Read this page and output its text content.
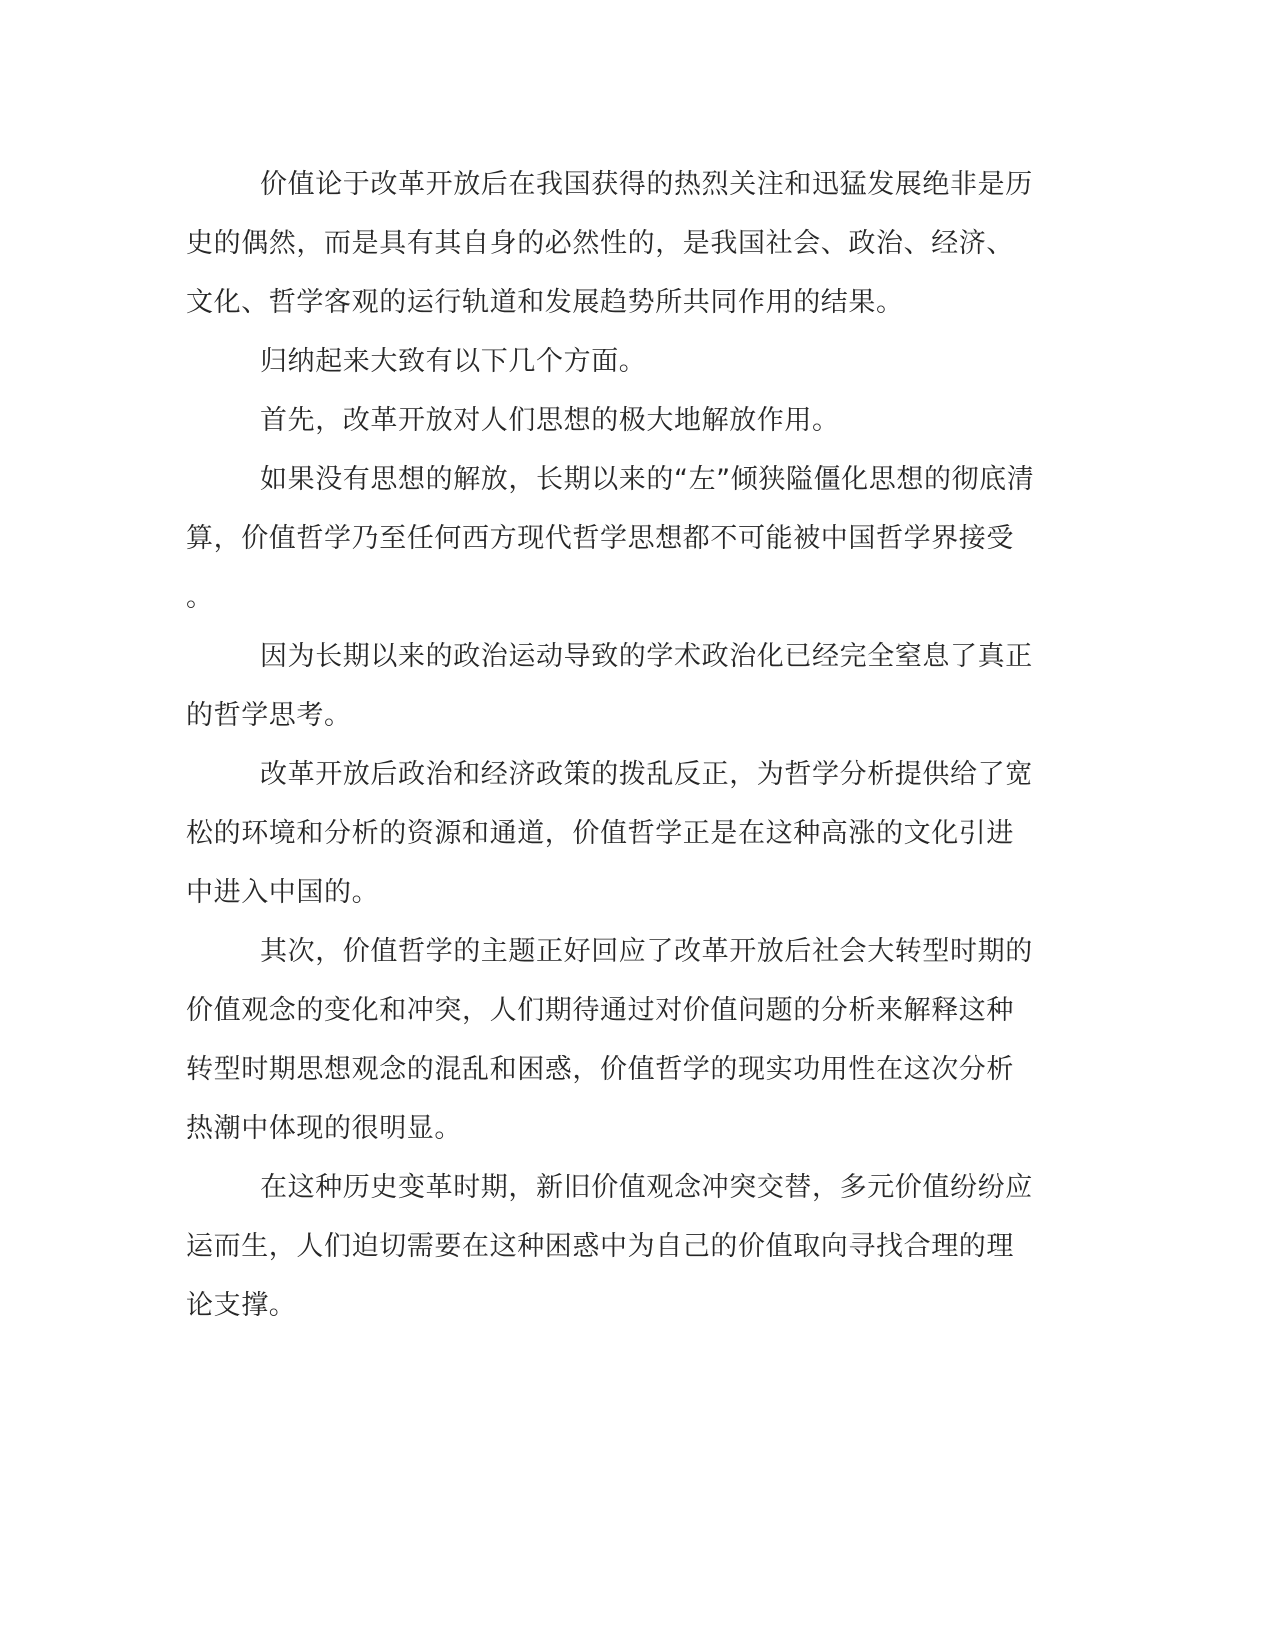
价值论于改革开放后在我国获得的热烈关注和迅猛发展绝非是历
史的偶然，而是具有其自身的必然性的，是我国社会、政治、经济、
文化、哲学客观的运行轨道和发展趋势所共同作用的结果。
归纳起来大致有以下几个方面。
首先，改革开放对人们思想的极大地解放作用。
如果没有思想的解放，长期以来的“左”倾狭隘僵化思想的彻底清
算，价值哲学乃至任何西方现代哲学思想都不可能被中国哲学界接受
。
因为长期以来的政治运动导致的学术政治化已经完全窒息了真正
的哲学思考。
改革开放后政治和经济政策的拨乱反正，为哲学分析提供给了宽
松的环境和分析的资源和通道，价值哲学正是在这种高涨的文化引进
中进入中国的。
其次，价值哲学的主题正好回应了改革开放后社会大转型时期的
价值观念的变化和冲突，人们期待通过对价值问题的分析来解释这种
转型时期思想观念的混乱和困惑，价值哲学的现实功用性在这次分析
热潮中体现的很明显。
在这种历史变革时期，新旧价值观念冲突交替，多元价值纷纷应
运而生，人们迫切需要在这种困惑中为自己的价值取向寻找合理的理
论支撑。
